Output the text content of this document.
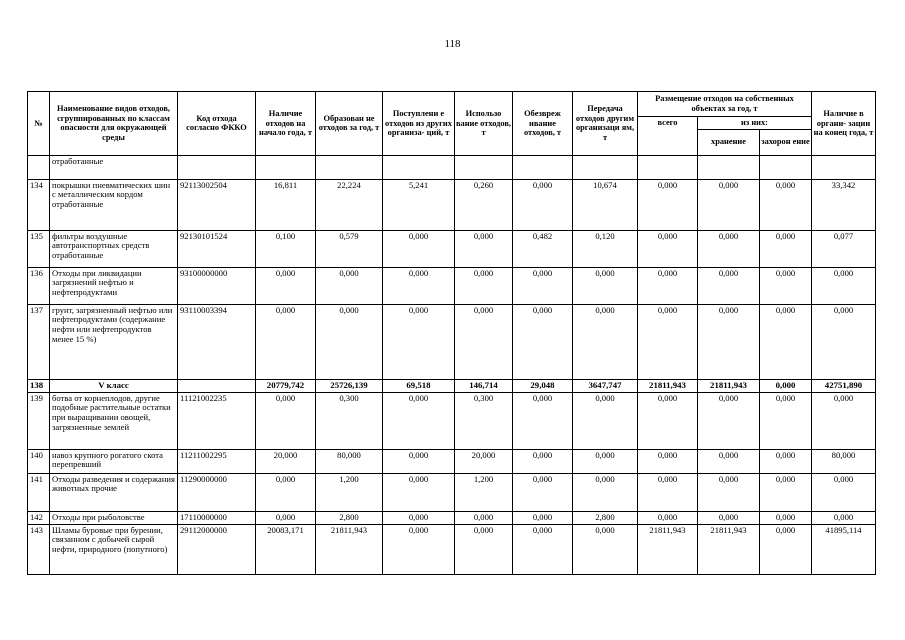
118
№	Наименование видов отходов, сгруппированных по классам опасности для окружающей среды	Код отхода согласно ФККО	Наличие отходов на начало года, т	Образован не отходов за год, т	Поступлени е отходов из других организа- ций, т	Использо вание отходов, т	Обезвреж ивание отходов, т	Передача отходов другим организаци ям, т	Размещение отходов на собственных объектах за год, т			Наличие в органи- зации на конец года, т
									всего	из них:		
										хранение	захорон ение	
	отработанные											
134	покрышки пневматических шин с металлическим кордом отработанные	92113002504	16,811	22,224	5,241	0,260	0,000	10,674	0,000	0,000	0,000	33,342
135	фильтры воздушные автотранспортных средств отработанные	92130101524	0,100	0,579	0,000	0,000	0,482	0,120	0,000	0,000	0,000	0,077
136	Отходы при ликвидации загрязнений нефтью и нефтепродуктами	93100000000	0,000	0,000	0,000	0,000	0,000	0,000	0,000	0,000	0,000	0,000
137	грунт, загрязненный нефтью или нефтепродуктами (содержание нефти или нефтепродуктов менее 15 %)	93110003394	0,000	0,000	0,000	0,000	0,000	0,000	0,000	0,000	0,000	0,000
138	V класс		20779,742	25726,139	69,518	146,714	29,048	3647,747	21811,943	21811,943	0,000	42751,890
139	ботва от корнеплодов, другие подобные растительные остатки при выращивании овощей, загрязненные землей	11121002235	0,000	0,300	0,000	0,300	0,000	0,000	0,000	0,000	0,000	0,000
140	навоз крупного рогатого скота перепревший	11211002295	20,000	80,000	0,000	20,000	0,000	0,000	0,000	0,000	0,000	80,000
141	Отходы разведения и содержания животных прочие	11290000000	0,000	1,200	0,000	1,200	0,000	0,000	0,000	0,000	0,000	0,000
142	Отходы при рыболовстве	17110000000	0,000	2,800	0,000	0,000	0,000	2,800	0,000	0,000	0,000	0,000
143	Шламы буровые при бурении, связанном с добычей сырой нефти, природного (попутного)	29112000000	20083,171	21811,943	0,000	0,000	0,000	0,000	21811,943	21811,943	0,000	41895,114
